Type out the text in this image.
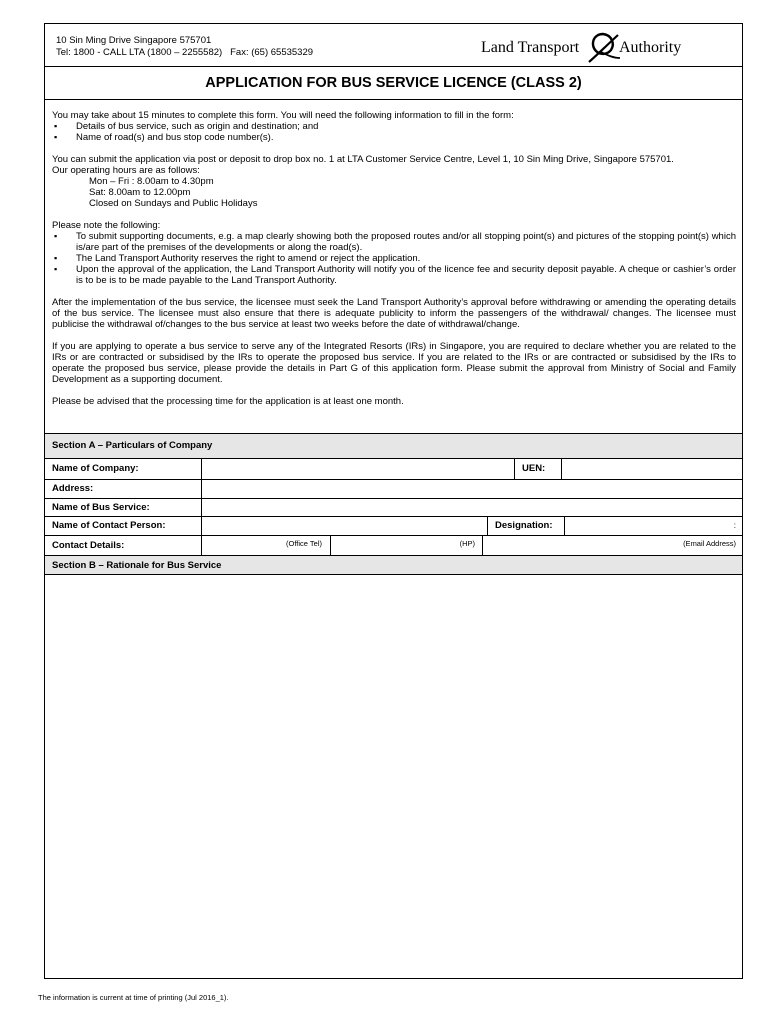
10 Sin Ming Drive Singapore 575701
Tel: 1800 - CALL LTA (1800 – 2255582)   Fax: (65) 65535329	Land Transport Authority
APPLICATION FOR BUS SERVICE LICENCE (CLASS 2)

You may take about 15 minutes to complete this form. You will need the following information to fill in the form:

▪ Details of bus service, such as origin and destination; and
▪ Name of road(s) and bus stop code number(s).

You can submit the application via post or deposit to drop box no. 1 at LTA Customer Service Centre, Level 1, 10 Sin Ming Drive, Singapore 575701.

Our operating hours are as follows:

Mon – Fri : 8.00am to 4.30pm

Sat: 8.00am to 12.00pm

Closed on Sundays and Public Holidays

Please note the following:

▪ To submit supporting documents, e.g. a map clearly showing both the proposed routes and/or all stopping point(s) and pictures of the stopping point(s) which is/are part of the premises of the developments or along the road(s).
▪ The Land Transport Authority reserves the right to amend or reject the application.
▪ Upon the approval of the application, the Land Transport Authority will notify you of the licence fee and security deposit payable. A cheque or cashier’s order is to be is to be made payable to the Land Transport Authority.

After the implementation of the bus service, the licensee must seek the Land Transport Authority’s approval before withdrawing or amending the operating details of the bus service. The licensee must also ensure that there is adequate publicity to inform the passengers of the withdrawal/ changes. The licensee must publicise the withdrawal of/changes to the bus service at least two weeks before the date of withdrawal/change.

If you are applying to operate a bus service to serve any of the Integrated Resorts (IRs) in Singapore, you are required to declare whether you are related to the IRs or are contracted or subsidised by the IRs to operate the proposed bus service. If you are related to the IRs or are contracted or subsidised by the IRs to operate the proposed bus service, please provide the details in Part G of this application form. Please submit the approval from Ministry of Social and Family Development as a supporting document.

Please be advised that the processing time for the application is at least one month.

Section A – Particulars of Company
Name of Company:	UEN:
Address:
Name of Bus Service:
Name of Contact Person:	Designation:	:
Contact Details:	(Office Tel)	(HP)	(Email Address)
Section B – Rationale for Bus Service
The information is current at time of printing (Jul 2016_1).
